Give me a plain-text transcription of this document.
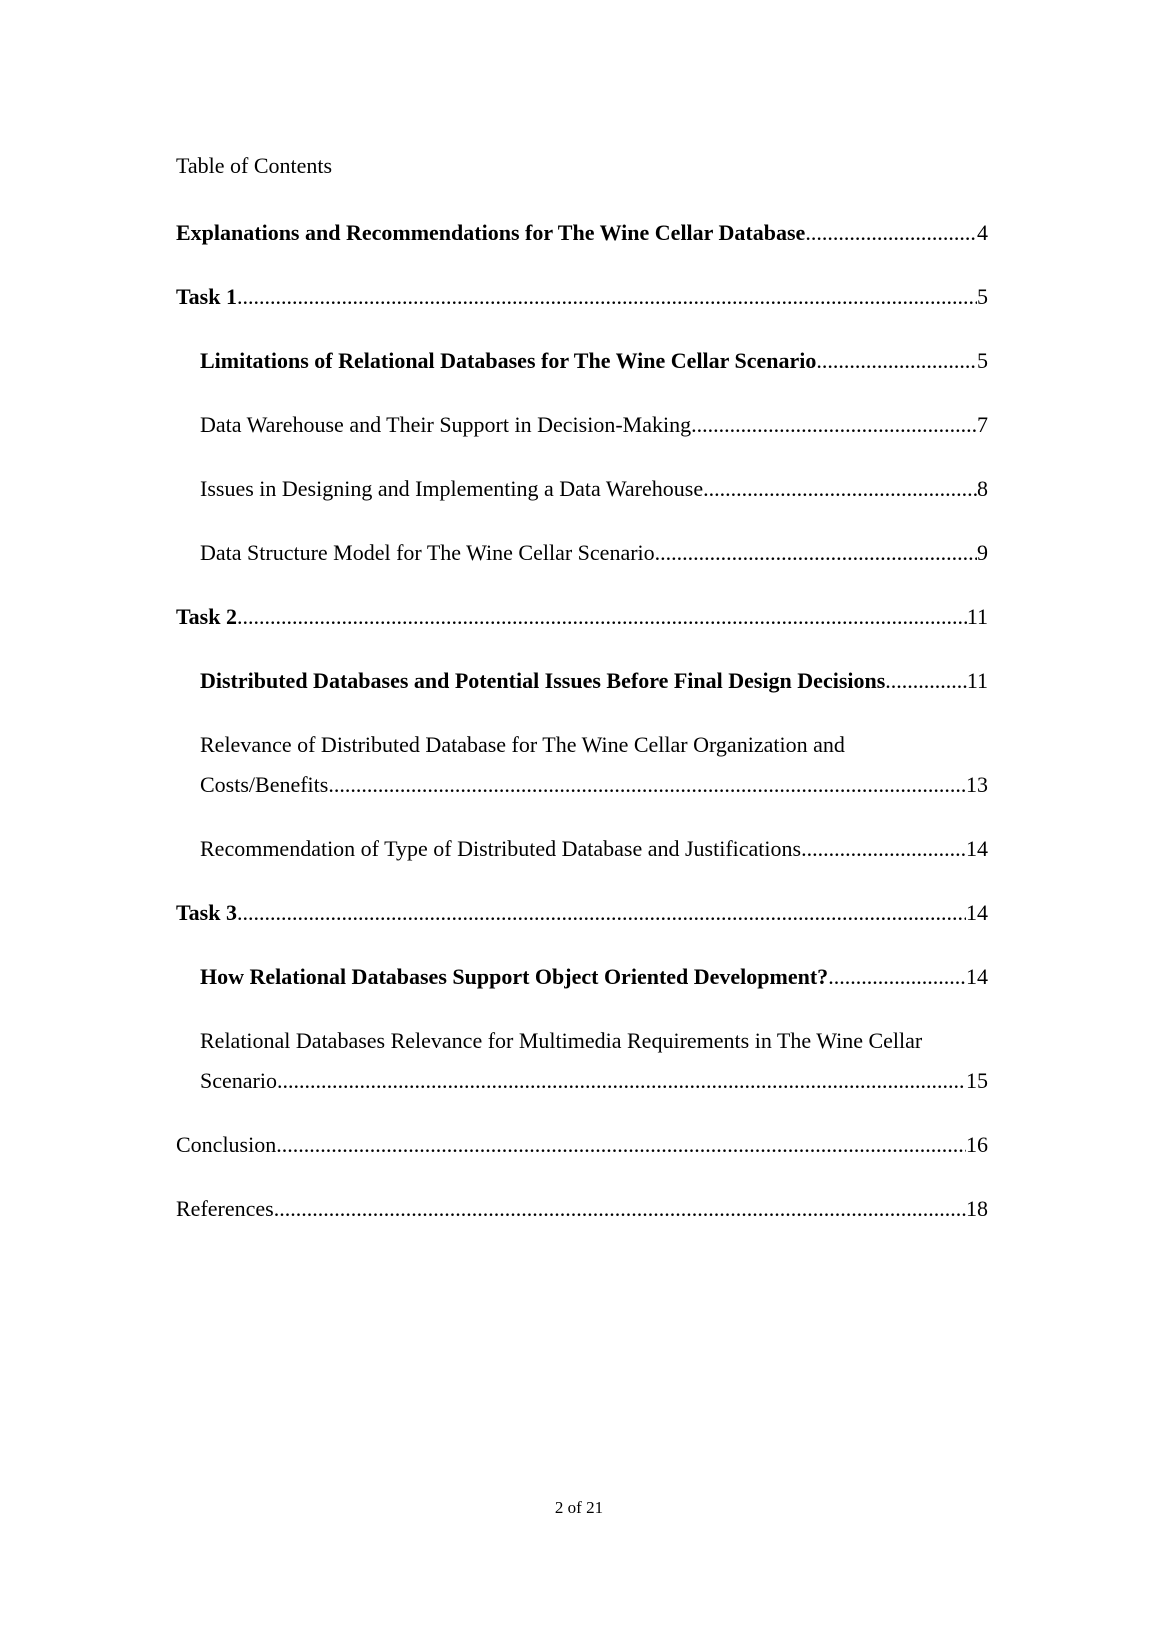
Table of Contents
Explanations and Recommendations for The Wine Cellar Database .....	4
Task 1 .....	5
Limitations of Relational Databases for The Wine Cellar Scenario .....	5
Data Warehouse and Their Support in Decision-Making .....	7
Issues in Designing and Implementing a Data Warehouse .....	8
Data Structure Model for The Wine Cellar Scenario .....	9
Task 2 .....	11
Distributed Databases and Potential Issues Before Final Design Decisions .....	11
Relevance of Distributed Database for The Wine Cellar Organization and
Costs/Benefits .....	13
Recommendation of Type of Distributed Database and Justifications .....	14
Task 3 .....	14
How Relational Databases Support Object Oriented Development? .....	14
Relational Databases Relevance for Multimedia Requirements in The Wine Cellar
Scenario .....	15
Conclusion .....	16
References .....	18
2 of 21
